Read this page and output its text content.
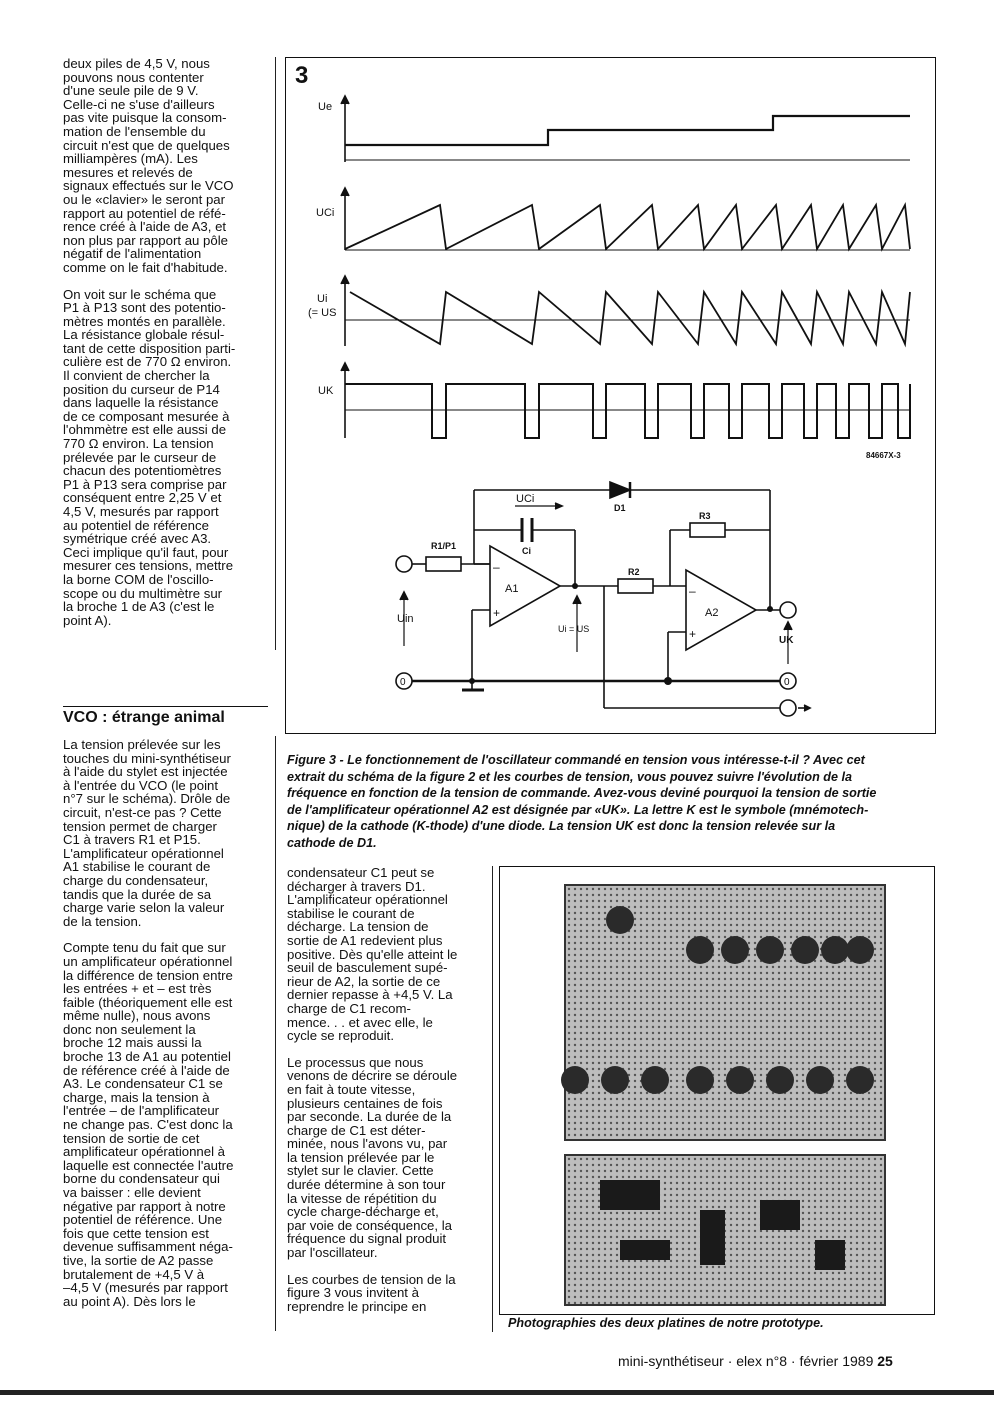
deux piles de 4,5 V, nous
pouvons nous contenter
d'une seule pile de 9 V.
Celle-ci ne s'use d'ailleurs
pas vite puisque la consom-
mation de l'ensemble du
circuit n'est que de quelques
milliampères (mA). Les
mesures et relevés de
signaux effectués sur le VCO
ou le «clavier» le seront par
rapport au potentiel de réfé-
rence créé à l'aide de A3, et
non plus par rapport au pôle
négatif de l'alimentation
comme on le fait d'habitude.

On voit sur le schéma que
P1 à P13 sont des potentio-
mètres montés en parallèle.
La résistance globale résul-
tant de cette disposition parti-
culière est de 770 Ω environ.
Il convient de chercher la
position du curseur de P14
dans laquelle la résistance
de ce composant mesurée à
l'ohmmètre est elle aussi de
770 Ω environ. La tension
prélevée par le curseur de
chacun des potentiomètres
P1 à P13 sera comprise par
conséquent entre 2,25 V et
4,5 V, mesurés par rapport
au potentiel de référence
symétrique créé avec A3.
Ceci implique qu'il faut, pour
mesurer ces tensions, mettre
la borne COM de l'oscillo-
scope ou du multimètre sur
la broche 1 de A3 (c'est le
point A).

VCO : étrange animal

La tension prélevée sur les
touches du mini-synthétiseur
à l'aide du stylet est injectée
à l'entrée du VCO (le point
n°7 sur le schéma). Drôle de
circuit, n'est-ce pas ? Cette
tension permet de charger
C1 à travers R1 et P15.
L'amplificateur opérationnel
A1 stabilise le courant de
charge du condensateur,
tandis que la durée de sa
charge varie selon la valeur
de la tension.

Compte tenu du fait que sur
un amplificateur opérationnel
la différence de tension entre
les entrées + et – est très
faible (théoriquement elle est
même nulle), nous avons
donc non seulement la
broche 12 mais aussi la
broche 13 de A1 au potentiel
de référence créé à l'aide de
A3. Le condensateur C1 se
charge, mais la tension à
l'entrée – de l'amplificateur
ne change pas. C'est donc la
tension de sortie de cet
amplificateur opérationnel à
laquelle est connectée l'autre
borne du condensateur qui
va baisser : elle devient
négative par rapport à notre
potentiel de référence. Une
fois que cette tension est
devenue suffisamment néga-
tive, la sortie de A2 passe
brutalement de +4,5 V à
–4,5 V (mesurés par rapport
au point A). Dès lors le

3
Ue
UCi
Ui
(= US
UK
84667X-3
UCi
D1
R1/P1	Ci
R3
R2
A1
A2
–
+
–
+
Uin
Ui = US
UK
0	0
Figure 3 - Le fonctionnement de l'oscillateur commandé en tension vous intéresse-t-il ? Avec cet
extrait du schéma de la figure 2 et les courbes de tension, vous pouvez suivre l'évolution de la
fréquence en fonction de la tension de commande. Avez-vous deviné pourquoi la tension de sortie
de l'amplificateur opérationnel A2 est désignée par «UK». La lettre K est le symbole (mnémotech-
nique) de la cathode (K-thode) d'une diode. La tension UK est donc la tension relevée sur la
cathode de D1.

condensateur C1 peut se
décharger à travers D1.
L'amplificateur opérationnel
stabilise le courant de
décharge. La tension de
sortie de A1 redevient plus
positive. Dès qu'elle atteint le
seuil de basculement supé-
rieur de A2, la sortie de ce
dernier repasse à +4,5 V. La
charge de C1 recom-
mence. . . et avec elle, le
cycle se reproduit.

Le processus que nous
venons de décrire se déroule
en fait à toute vitesse,
plusieurs centaines de fois
par seconde. La durée de la
charge de C1 est déter-
minée, nous l'avons vu, par
la tension prélevée par le
stylet sur le clavier. Cette
durée détermine à son tour
la vitesse de répétition du
cycle charge-décharge et,
par voie de conséquence, la
fréquence du signal produit
par l'oscillateur.

Les courbes de tension de la
figure 3 vous invitent à
reprendre le principe en

Photographies des deux platines de notre prototype.
mini-synthétiseur · elex n°8 · février 1989 25
